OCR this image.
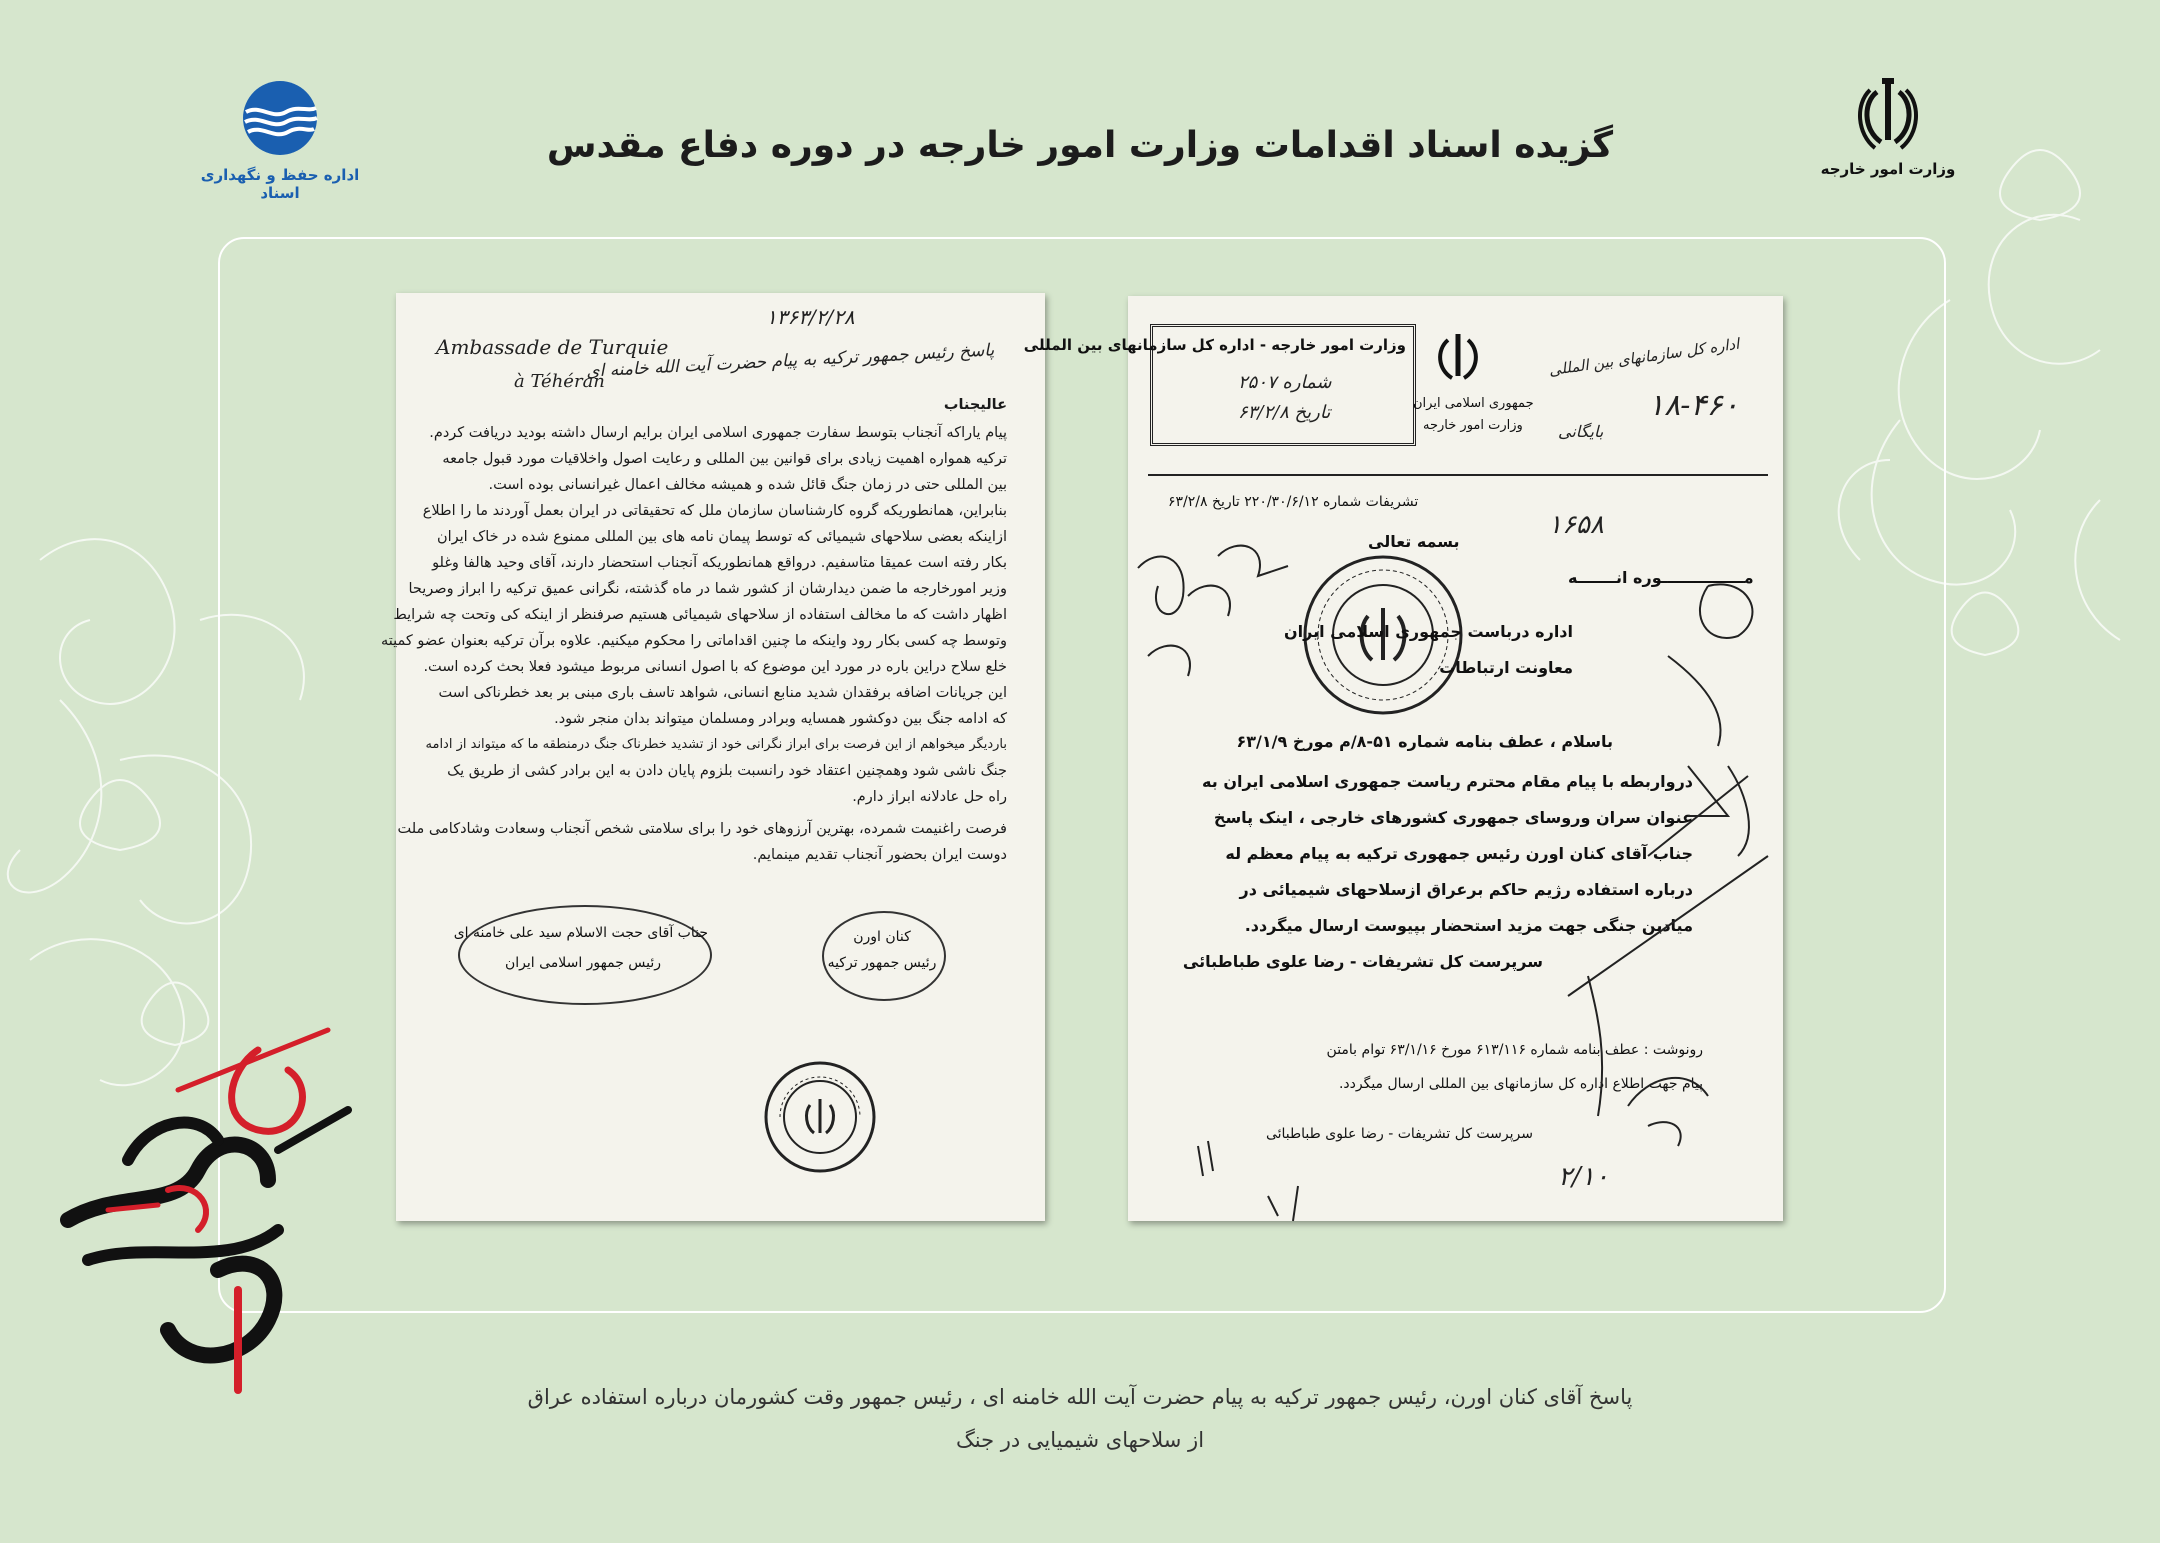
اداره حفظ و نگهداری اسناد
وزارت امور خارجه
گزیده اسناد اقدامات وزارت امور خارجه در دوره دفاع مقدس
۱۳۶۳/۲/۲۸
Ambassade de Turquie
à Téhéran
پاسخ رئیس جمهور ترکیه به پیام حضرت آیت الله خامنه ای
عالیجناب
پیام یاراکه آنجناب بتوسط سفارت جمهوری اسلامی ایران برایم ارسال داشته بودید دریافت کردم.
ترکیه همواره اهمیت زیادی برای قوانین بین المللی و رعایت اصول واخلاقیات مورد قبول جامعه
بین المللی حتی در زمان جنگ قائل شده و همیشه مخالف اعمال غیرانسانی بوده است.
بنابراین، همانطوریکه گروه کارشناسان سازمان ملل که تحقیقاتی در ایران بعمل آوردند ما را اطلاع
ازاینکه بعضی سلاحهای شیمیائی که توسط پیمان نامه های بین المللی ممنوع شده در خاک ایران
بکار رفته است عمیقا متاسفیم. درواقع همانطوریکه آنجناب استحضار دارند، آقای وحید هالفا وغلو
وزیر امورخارجه ما ضمن دیدارشان از کشور شما در ماه گذشته، نگرانی عمیق ترکیه را ابراز وصریحا
اظهار داشت که ما مخالف استفاده از سلاحهای شیمیائی هستیم صرفنظر از اینکه کی وتحت چه شرایط
وتوسط چه کسی بکار رود واینکه ما چنین اقداماتی را محکوم میکنیم. علاوه برآن ترکیه بعنوان عضو کمیته
خلع سلاح دراین باره در مورد این موضوع که با اصول انسانی مربوط میشود فعلا بحث کرده است.
این جریانات اضافه برفقدان شدید منابع انسانی، شواهد تاسف باری مبنی بر بعد خطرناکی است
که ادامه جنگ بین دوکشور همسایه وبرادر ومسلمان میتواند بدان منجر شود.
باردیگر میخواهم از این فرصت برای ابراز نگرانی خود از تشدید خطرناک جنگ درمنطقه ما که میتواند از ادامه
جنگ ناشی شود وهمچنین اعتقاد خود رانسبت بلزوم پایان دادن به این برادر کشی از طریق یک
راه حل عادلانه ابراز دارم.
فرصت راغنیمت شمرده، بهترین آرزوهای خود را برای سلامتی شخص آنجناب وسعادت وشادکامی ملت
دوست ایران بحضور آنجناب تقدیم مینمایم.
جناب آقای حجت الاسلام سید علی خامنه ای
رئیس جمهور اسلامی ایران
کنان اورن
رئیس جمهور ترکیه
وزارت امور خارجه - اداره کل سازمانهای بین المللی
شماره ۲۵۰۷
تاریخ ۶۳/۲/۸	جمهوری اسلامی ایران
وزارت امور خارجه
۱۸-۴۶۰
اداره کل سازمانهای بین المللی
بایگانی
تشریفات شماره ۲۲۰/۳۰/۶/۱۲ تاریخ ۶۳/۲/۸
۱۶۵۸
بسمه تعالی
مـــــــــــــــوره انـــــــه
اداره درباست جمهوری اسلامی ایران
معاونت ارتباطات
باسلام ، عطف بنامه شماره ۵۱-۸/م مورخ ۶۳/۱/۹
درواربطه با پیام مقام محترم ریاست جمهوری اسلامی ایران به
عنوان سران وروسای جمهوری کشورهای خارجی ، اینک پاسخ
جناب آقای کنان اورن رئیس جمهوری ترکیه به پیام معظم له
درباره استفاده رژیم حاکم برعراق ازسلاحهای شیمیائی در
میادین جنگی جهت مزید استحضار بپیوست ارسال میگردد.
سرپرست کل تشریفات - رضا علوی طباطبائی
رونوشت : عطف بنامه شماره ۶۱۳/۱۱۶ مورخ ۶۳/۱/۱۶ توام بامتن
پیام جهت اطلاع اداره کل سازمانهای بین المللی ارسال میگردد.
سرپرست کل تشریفات - رضا علوی طباطبائی
۲/۱۰
پاسخ آقای کنان اورن، رئیس جمهور ترکیه به پیام حضرت آیت الله خامنه ای ، رئیس جمهور وقت کشورمان درباره استفاده عراق
از سلاحهای شیمیایی در جنگ
